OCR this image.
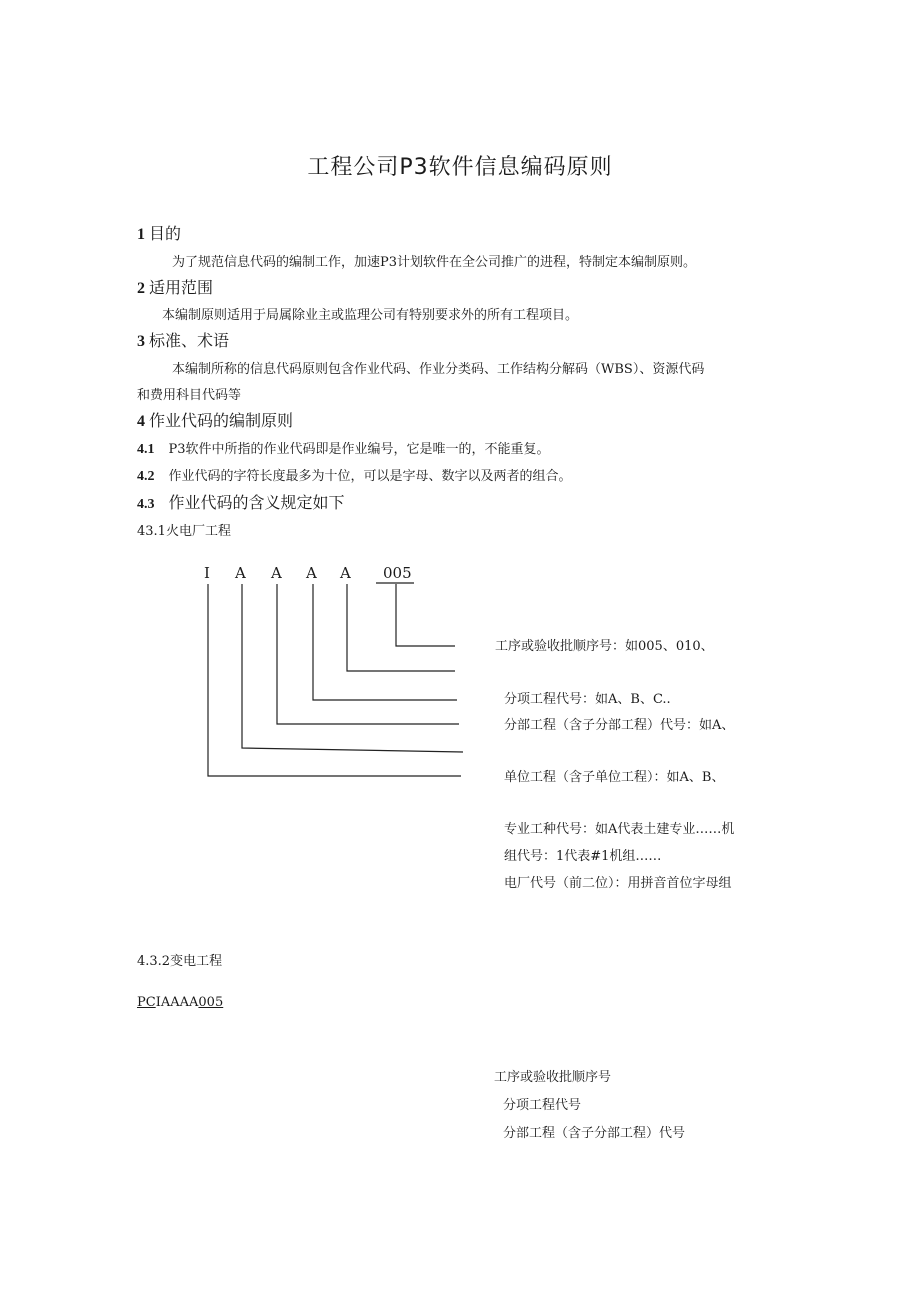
工程公司P3软件信息编码原则
1 目的
为了规范信息代码的编制工作，加速P3计划软件在全公司推广的进程，特制定本编制原则。
2 适用范围
本编制原则适用于局属除业主或监理公司有特别要求外的所有工程项目。
3 标准、术语
本编制所称的信息代码原则包含作业代码、作业分类码、工作结构分解码（WBS）、资源代码
和费用科目代码等
4 作业代码的编制原则
4.1 P3软件中所指的作业代码即是作业编号，它是唯一的，不能重复。
4.2 作业代码的字符长度最多为十位，可以是字母、数字以及两者的组合。
4.3 作业代码的含义规定如下
43.1火电厂工程
I A A A A 005
工序或验收批顺序号：如005、010、
分项工程代号：如A、B、C..
分部工程（含子分部工程）代号：如A、
单位工程（含子单位工程）：如A、B、
专业工种代号：如A代表土建专业……机
组代号：1代表#1机组……
电厂代号（前二位）：用拼音首位字母组
4.3.2变电工程
PCIAAAA005
工序或验收批顺序号
分项工程代号
分部工程（含子分部工程）代号
